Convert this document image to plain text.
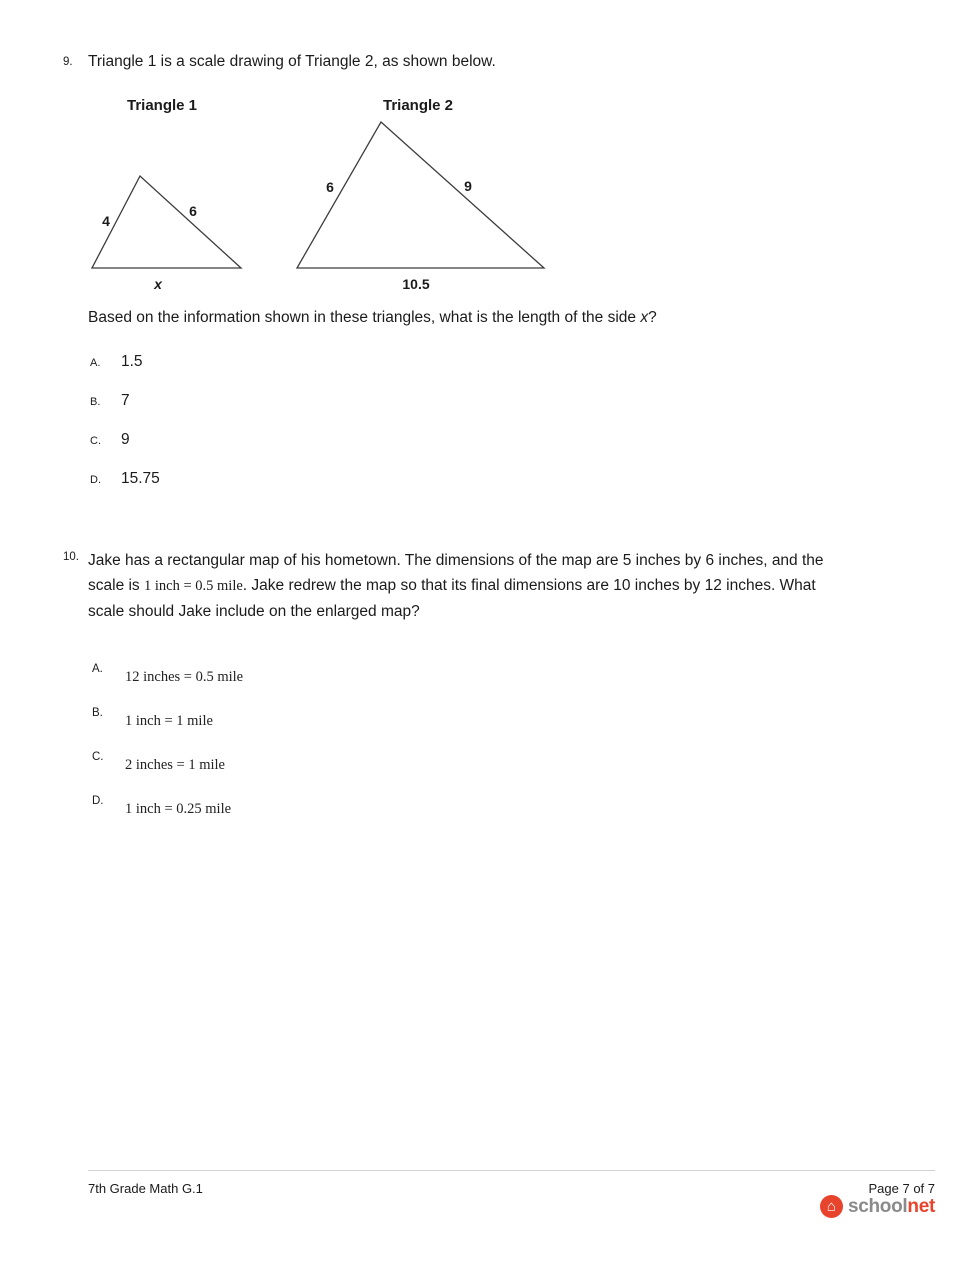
9. Triangle 1 is a scale drawing of Triangle 2, as shown below.
Triangle 1	Triangle 2
4
6
x
6	9
10.5
Based on the information shown in these triangles, what is the length of the side x?
A.	1.5
B.	7
C.	9
D.	15.75
10. Jake has a rectangular map of his hometown. The dimensions of the map are 5 inches by 6 inches, and the scale is 1 inch = 0.5 mile. Jake redrew the map so that its final dimensions are 10 inches by 12 inches. What scale should Jake include on the enlarged map?
A.	12 inches = 0.5 mile
B.	1 inch = 1 mile
C.	2 inches = 1 mile
D.	1 inch = 0.25 mile
7th Grade Math G.1	Page 7 of 7
⌂ schoolnet
